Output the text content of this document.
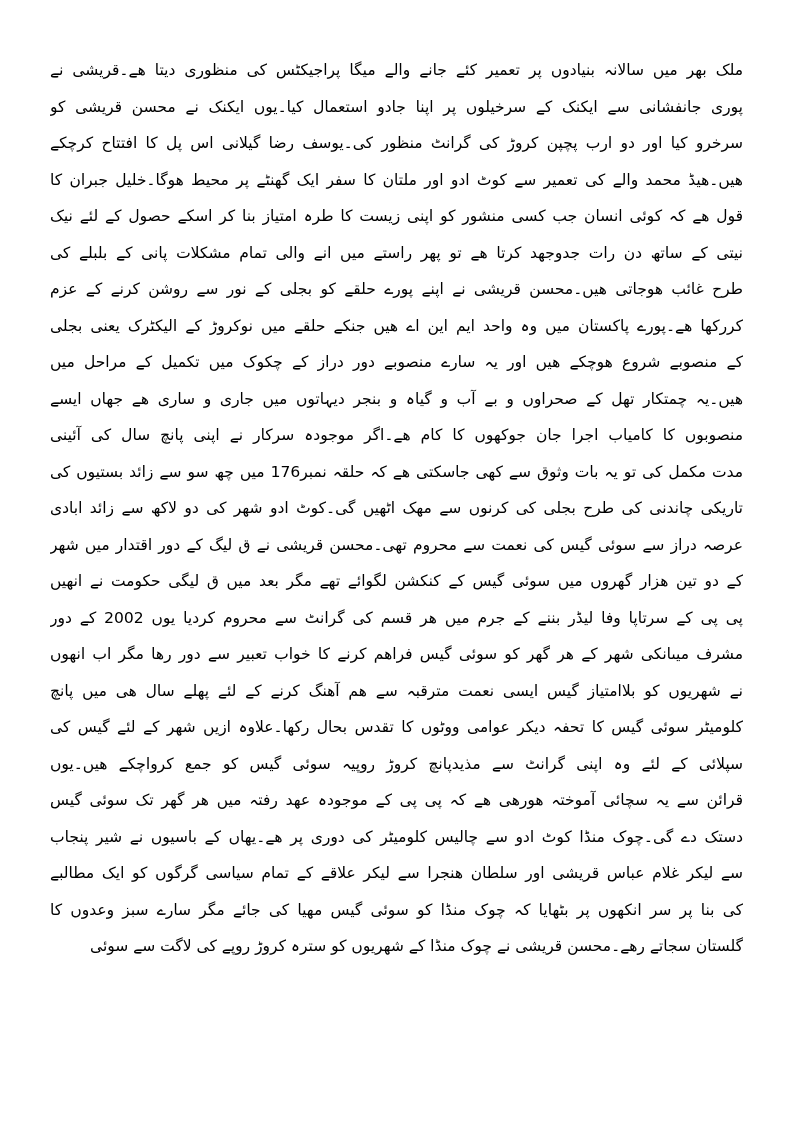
ملک بھر میں سالانہ بنیادوں پر تعمیر کئے جانے والے میگا پراجیکٹس کی منظوری دیتا ھے۔قریشی نے
پوری جانفشانی سے ایکنک کے سرخیلوں پر اپنا جادو استعمال کیا۔یوں ایکنک نے محسن قریشی کو
سرخرو کیا اور دو ارب پچپن کروڑ کی گرانٹ منظور کی۔یوسف رضا گیلانی اس پل کا افتتاح کرچکے
ھیں۔ھیڈ محمد والے کی تعمیر سے کوٹ ادو اور ملتان کا سفر ایک گھنٹے پر محیط ھوگا۔خلیل جبران کا
قول ھے کہ کوئی انسان جب کسی منشور کو اپنی زیست کا طرہ امتیاز بنا کر اسکے حصول کے لئے نیک
نیتی کے ساتھ دن رات جدوجھد کرتا ھے تو پھر راستے میں انے والی تمام مشکلات پانی کے بلبلے کی
طرح غائب ھوجاتی ھیں۔محسن قریشی نے اپنے پورے حلقے کو بجلی کے نور سے روشن کرنے کے عزم
کررکھا ھے۔پورے پاکستان میں وہ واحد ایم این اے ھیں جنکے حلقے میں نوکروڑ کے الیکٹرک یعنی بجلی
کے منصوبے شروع ھوچکے ھیں اور یہ سارے منصوبے دور دراز کے چکوک میں تکمیل کے مراحل میں
ھیں۔یہ چمتکار تھل کے صحراوں و بے آب و گیاہ و بنجر دیہاتوں میں جاری و ساری ھے جھاں ایسے
منصوبوں کا کامیاب اجرا جان جوکھوں کا کام ھے۔اگر موجودہ سرکار نے اپنی پانچ سال کی آئینی
مدت مکمل کی تو یہ بات وثوق سے کھی جاسکتی ھے کہ حلقہ نمبر176 میں چھ سو سے زائد بستیوں کی
تاریکی چاندنی کی طرح بجلی کی کرنوں سے مھک اٹھیں گی۔کوٹ ادو شھر کی دو لاکھ سے زائد ابادی
عرصہ دراز سے سوئی گیس کی نعمت سے محروم تھی۔محسن قریشی نے ق لیگ کے دور اقتدار میں شھر
کے دو تین ھزار گھروں میں سوئی گیس کے کنکشن لگوائے تھے مگر بعد میں ق لیگی حکومت نے انھیں
پی پی کے سرتاپا وفا لیڈر بننے کے جرم میں ھر قسم کی گرانٹ سے محروم کردیا یوں 2002 کے دور
مشرف میںانکی شھر کے ھر گھر کو سوئی گیس فراھم کرنے کا خواب تعبیر سے دور رھا مگر اب انھوں
نے شھریوں کو بلاامتیاز گیس ایسی نعمت مترقبہ سے ھم آھنگ کرنے کے لئے پھلے سال ھی میں پانچ
کلومیٹر سوئی گیس کا تحفہ دیکر عوامی ووٹوں کا تقدس بحال رکھا۔علاوہ ازیں شھر کے لئے گیس کی
سپلائی کے لئے وہ اپنی گرانٹ سے مذیدپانچ کروڑ روپیہ سوئی گیس کو جمع کرواچکے ھیں۔یوں
قرائن سے یہ سچائی آموختہ ھورھی ھے کہ پی پی کے موجودہ عھد رفتہ میں ھر گھر تک سوئی گیس
دستک دے گی۔چوک منڈا کوٹ ادو سے چالیس کلومیٹر کی دوری پر ھے۔یھاں کے باسیوں نے شیر پنجاب
سے لیکر غلام عباس قریشی اور سلطان ھنجرا سے لیکر علاقے کے تمام سیاسی گرگوں کو ایک مطالبے
کی بنا پر سر انکھوں پر بٹھایا کہ چوک منڈا کو سوئی گیس مھیا کی جائے مگر سارے سبز وعدوں کا
گلستان سجاتے رھے۔محسن قریشی نے چوک منڈا کے شھریوں کو سترہ کروڑ روپے کی لاگت سے سوئی
